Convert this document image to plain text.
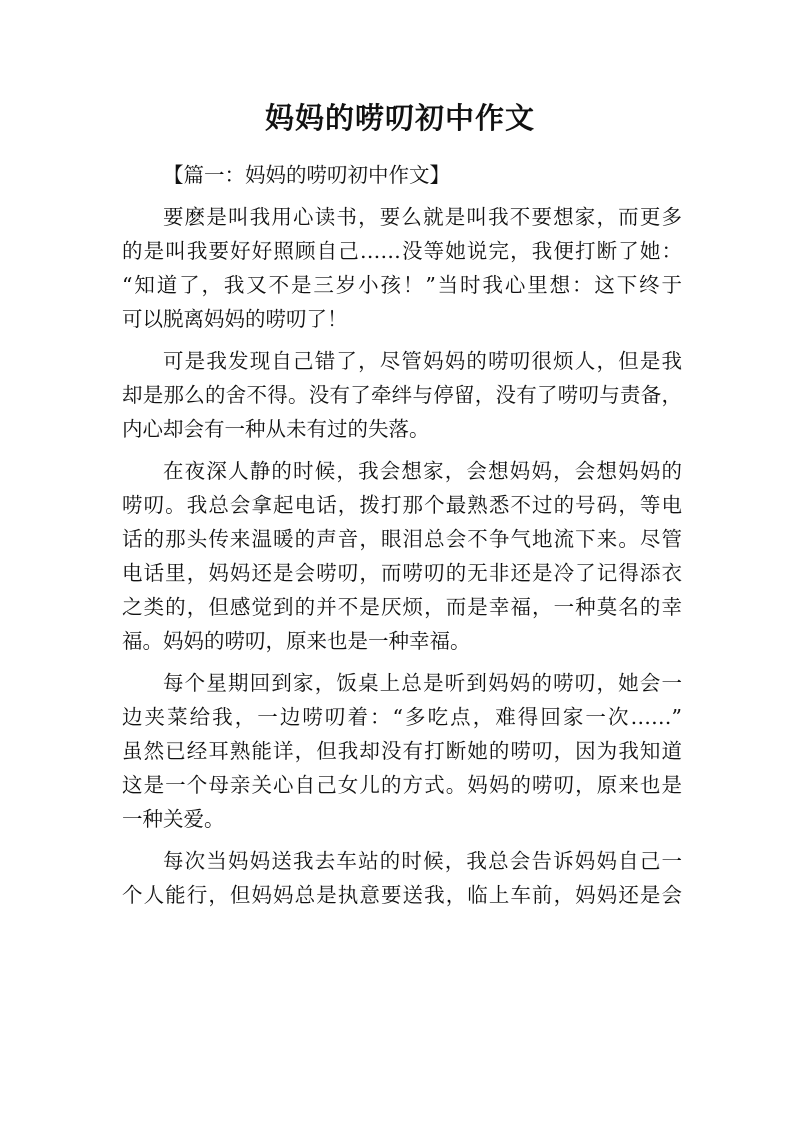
妈妈的唠叨初中作文
【篇一：妈妈的唠叨初中作文】
要麽是叫我用心读书，要么就是叫我不要想家，而更多
的是叫我要好好照顾自己……没等她说完，我便打断了她：
“知道了，我又不是三岁小孩！”当时我心里想：这下终于
可以脱离妈妈的唠叨了！
可是我发现自己错了，尽管妈妈的唠叨很烦人，但是我
却是那么的舍不得。没有了牵绊与停留，没有了唠叨与责备，
内心却会有一种从未有过的失落。
在夜深人静的时候，我会想家，会想妈妈，会想妈妈的
唠叨。我总会拿起电话，拨打那个最熟悉不过的号码，等电
话的那头传来温暖的声音，眼泪总会不争气地流下来。尽管
电话里，妈妈还是会唠叨，而唠叨的无非还是冷了记得添衣
之类的，但感觉到的并不是厌烦，而是幸福，一种莫名的幸
福。妈妈的唠叨，原来也是一种幸福。
每个星期回到家，饭桌上总是听到妈妈的唠叨，她会一
边夹菜给我，一边唠叨着：“多吃点，难得回家一次……”
虽然已经耳熟能详，但我却没有打断她的唠叨，因为我知道
这是一个母亲关心自己女儿的方式。妈妈的唠叨，原来也是
一种关爱。
每次当妈妈送我去车站的时候，我总会告诉妈妈自己一
个人能行，但妈妈总是执意要送我，临上车前，妈妈还是会
